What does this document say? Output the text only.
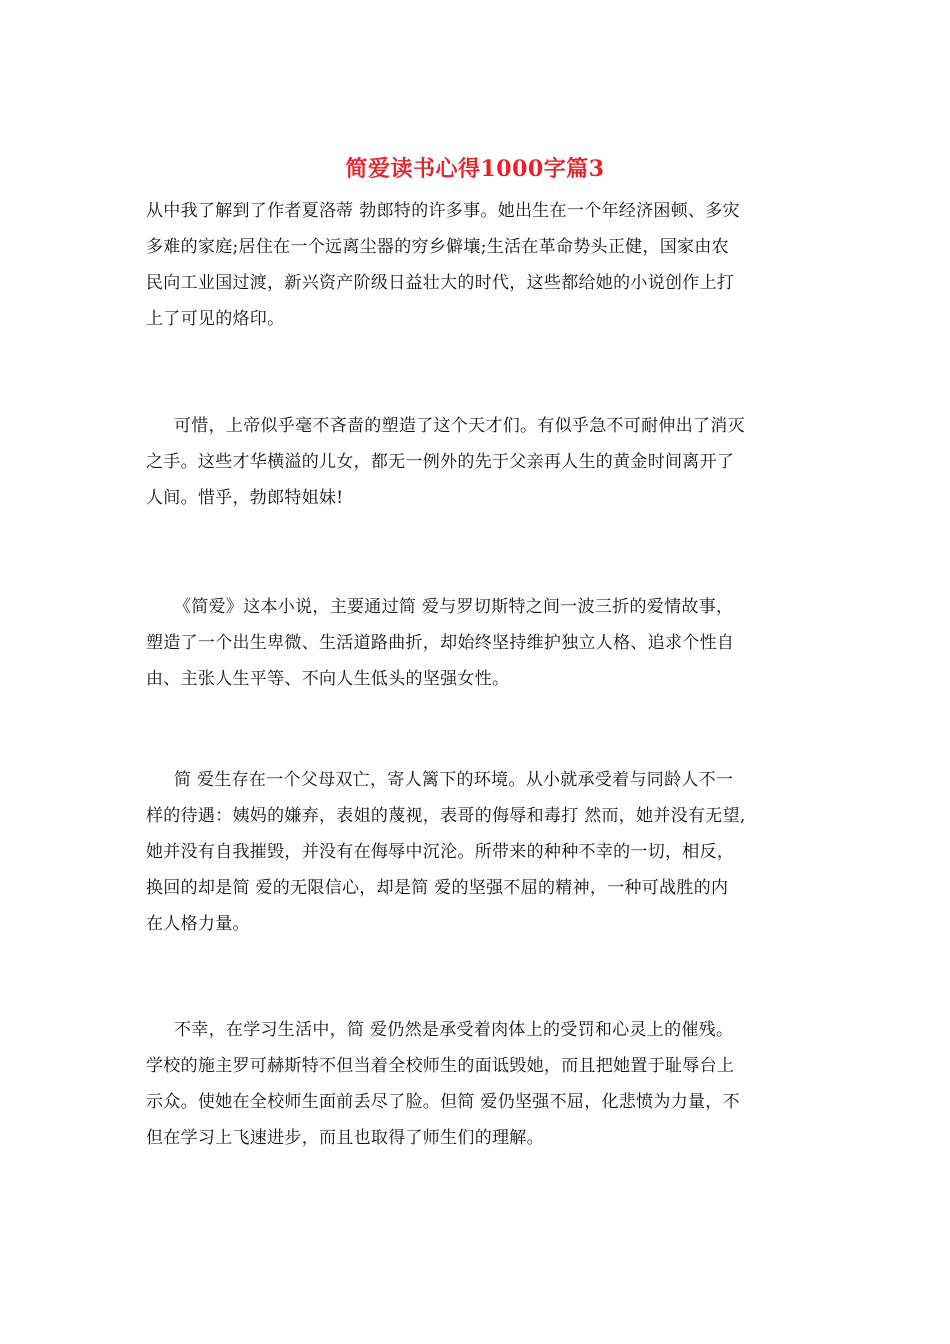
简爱读书心得1000字篇3
从中我了解到了作者夏洛蒂 勃郎特的许多事。她出生在一个年经济困顿、多灾
多难的家庭;居住在一个远离尘器的穷乡僻壤;生活在革命势头正健，国家由农
民向工业国过渡，新兴资产阶级日益壮大的时代，这些都给她的小说创作上打
上了可见的烙印。
可惜，上帝似乎毫不吝啬的塑造了这个天才们。有似乎急不可耐伸出了消灭
之手。这些才华横溢的儿女，都无一例外的先于父亲再人生的黄金时间离开了
人间。惜乎，勃郎特姐妹!
《简爱》这本小说，主要通过简 爱与罗切斯特之间一波三折的爱情故事，
塑造了一个出生卑微、生活道路曲折，却始终坚持维护独立人格、追求个性自
由、主张人生平等、不向人生低头的坚强女性。
简 爱生存在一个父母双亡，寄人篱下的环境。从小就承受着与同龄人不一
样的待遇：姨妈的嫌弃，表姐的蔑视，表哥的侮辱和毒打 然而，她并没有无望,
她并没有自我摧毁，并没有在侮辱中沉沦。所带来的种种不幸的一切，相反，
换回的却是简 爱的无限信心，却是简 爱的坚强不屈的精神，一种可战胜的内
在人格力量。
不幸，在学习生活中，简 爱仍然是承受着肉体上的受罚和心灵上的催残。
学校的施主罗可赫斯特不但当着全校师生的面诋毁她，而且把她置于耻辱台上
示众。使她在全校师生面前丢尽了脸。但简 爱仍坚强不屈，化悲愤为力量，不
但在学习上飞速进步，而且也取得了师生们的理解。
